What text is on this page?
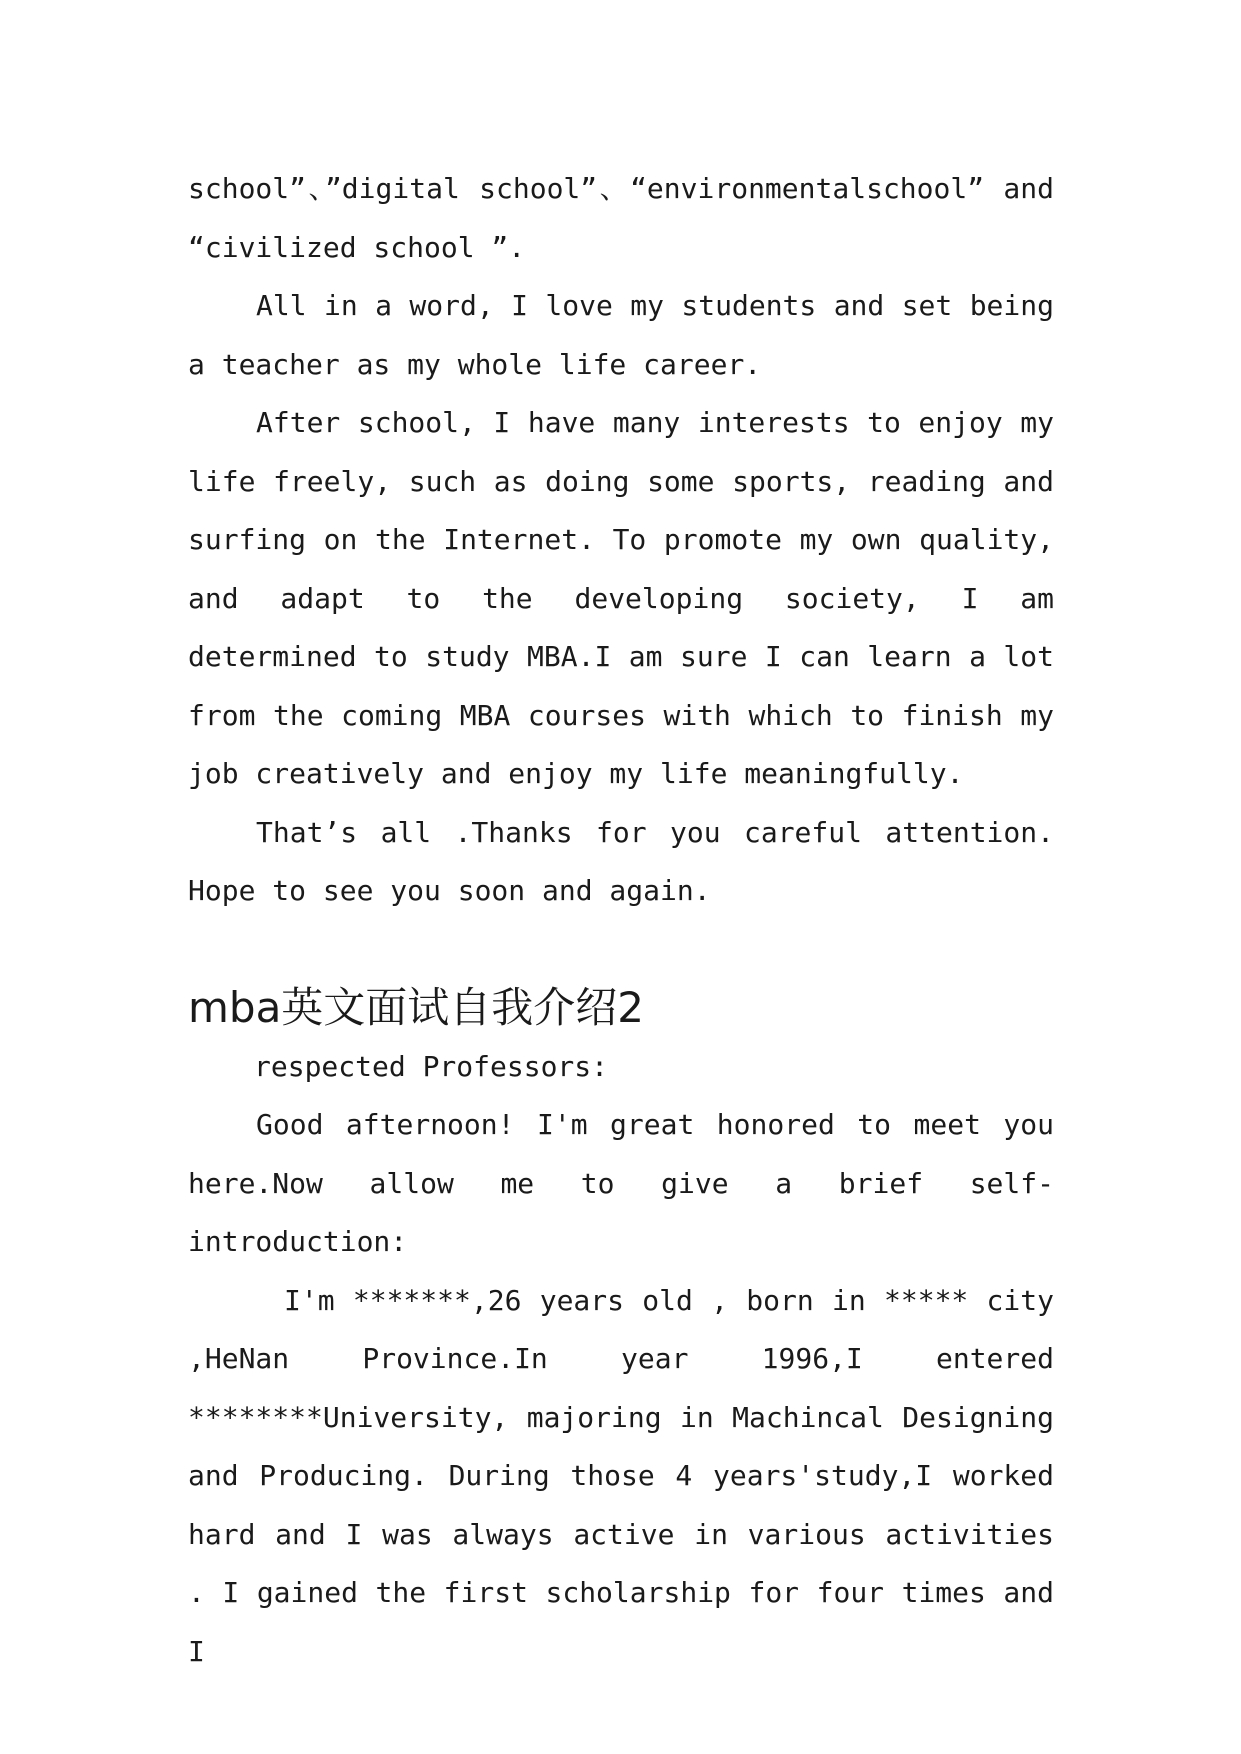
school”、”digital school”、“environmentalschool” and “civilized school ”.

All in a word, I love my students and set being a teacher as my whole life career.

After school, I have many interests to enjoy my life freely, such as doing some sports, reading and surfing on the Internet. To promote my own quality, and adapt to the developing society, I am determined to study MBA.I am sure I can learn a lot from the coming MBA courses with which to finish my job creatively and enjoy my life meaningfully.

That’s all .Thanks for you careful attention. Hope to see you soon and again.

mba英文面试自我介绍2

respected Professors:

Good afternoon! I'm great honored to meet you here.Now allow me to give a brief self-introduction:

I'm *******,26 years old , born in ***** city ,HeNan Province.In year 1996,I entered ********University, majoring in Machincal Designing and Producing. During those 4 years'study,I worked hard and I was always active in various activities . I gained the first scholarship for four times and I
